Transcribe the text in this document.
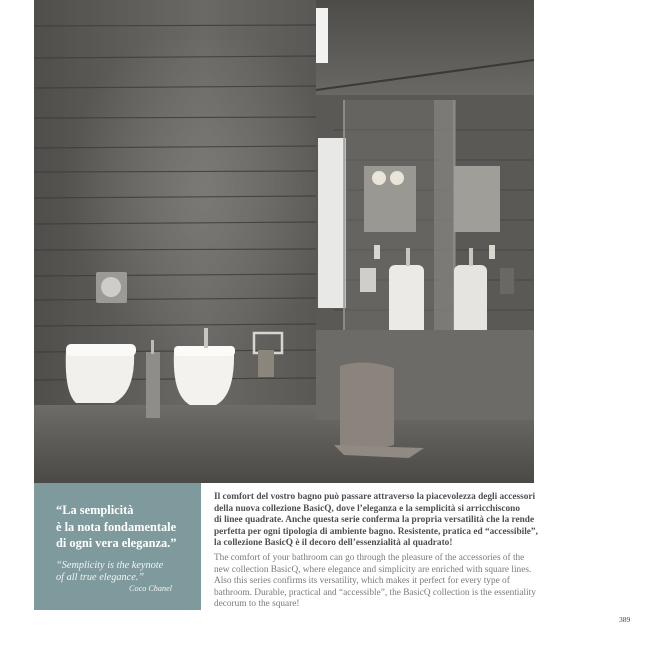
“La semplicità
è la nota fondamentale
di ogni vera eleganza.”

“Semplicity is the keynote
of all true elegance.”
Coco Chanel
Il comfort del vostro bagno può passare attraverso la piacevolezza degli accessori
della nuova collezione BasicQ, dove l’eleganza e la semplicità si arricchiscono
di linee quadrate. Anche questa serie conferma la propria versatilità che la rende
perfetta per ogni tipologia di ambiente bagno. Resistente, pratica ed “accessibile”,
la collezione BasicQ è il decoro dell’essenzialità al quadrato!
The comfort of your bathroom can go through the pleasure of the accessories of the
new collection BasicQ, where elegance and simplicity are enriched with square lines.
Also this series confirms its versatility, which makes it perfect for every type of
bathroom. Durable, practical and “accessible”, the BasicQ collection is the essentiality
decorum to the square!
389
